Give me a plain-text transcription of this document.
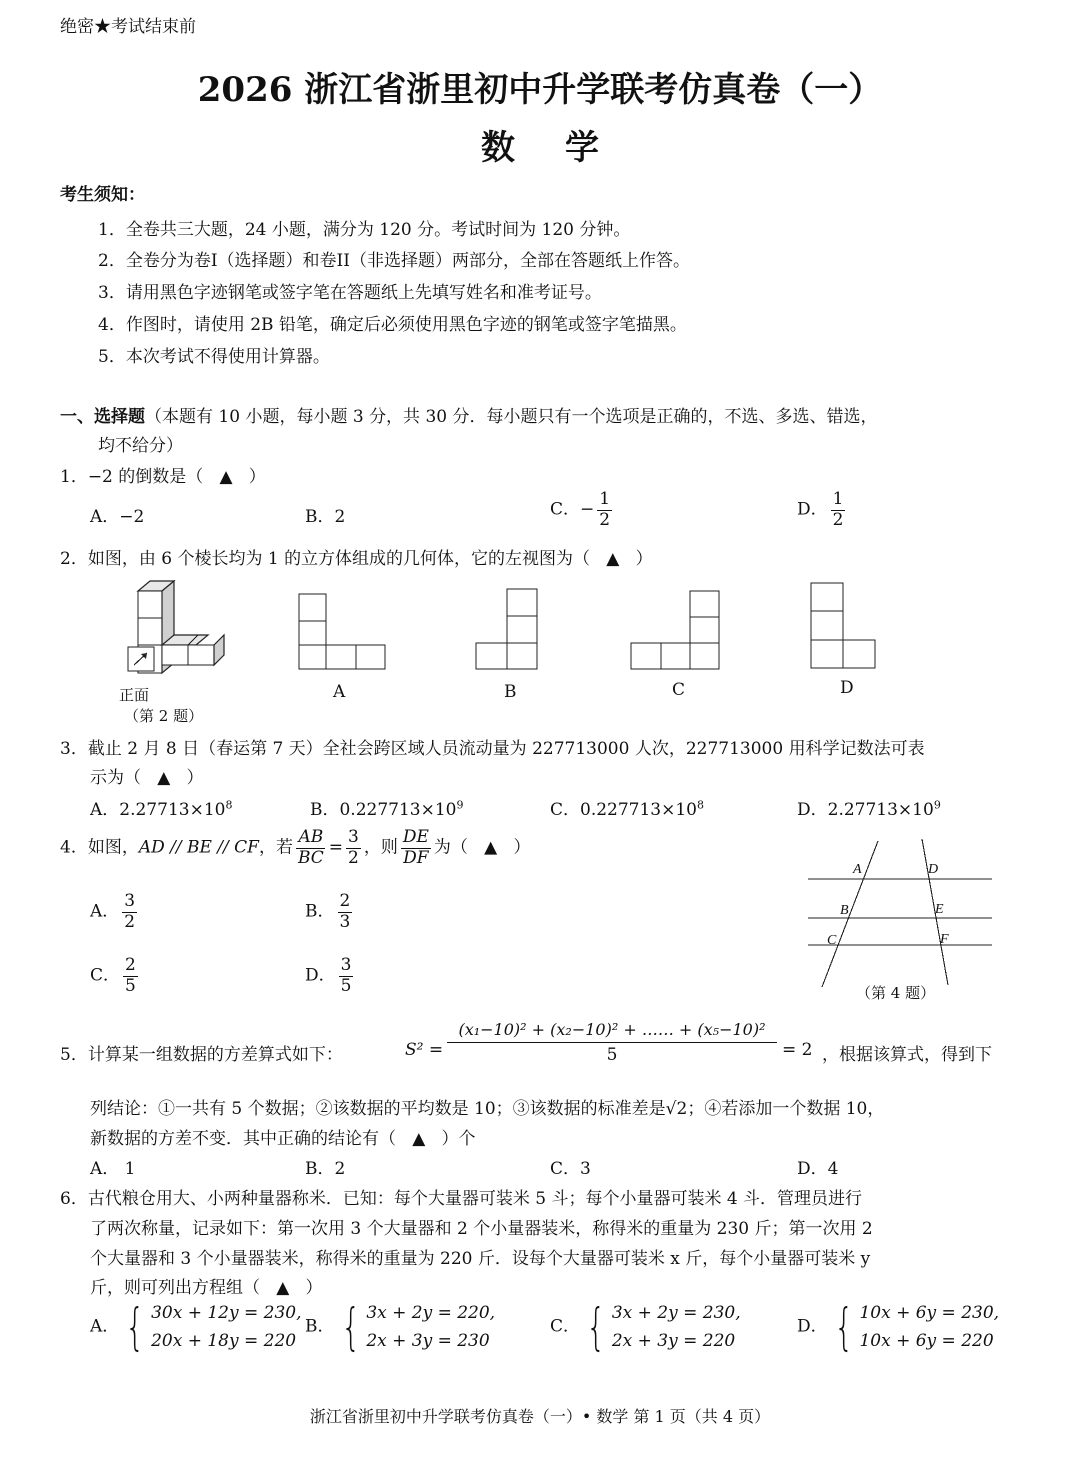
绝密★考试结束前
2026 浙江省浙里初中升学联考仿真卷（一）
数学
考生须知：
1．全卷共三大题，24 小题，满分为 120 分。考试时间为 120 分钟。
2．全卷分为卷I（选择题）和卷II（非选择题）两部分，全部在答题纸上作答。
3．请用黑色字迹钢笔或签字笔在答题纸上先填写姓名和准考证号。
4．作图时，请使用 2B 铅笔，确定后必须使用黑色字迹的钢笔或签字笔描黑。
5．本次考试不得使用计算器。
一、选择题（本题有 10 小题，每小题 3 分，共 30 分．每小题只有一个选项是正确的，不选、多选、错选，
均不给分）
1．−2 的倒数是（ ▲ ）
A．−2	B．2	C．− $\frac{1}{2}$	D． $\frac{1}{2}$
2．如图，由 6 个棱长均为 1 的立方体组成的几何体，它的左视图为（ ▲ ）
正面
（第 2 题）
A	B	C	D
3．截止 2 月 8 日（春运第 7 天）全社会跨区域人员流动量为 227713000 人次，227713000 用科学记数法可表
示为（ ▲ ）
A．$2.27713\times 10^8$	B．$0.227713\times 10^9$	C．$0.227713\times 10^8$	D．$2.27713\times 10^9$
4．如图，AD // BE // CF，若 $\frac{AB}{BC} = \frac{3}{2}$ ，则 $\frac{DE}{DF}$ 为（ ▲ ）
A． $\frac{3}{2}$	B． $\frac{2}{3}$
C． $\frac{2}{5}$	D． $\frac{3}{5}$
A
B
C
D
E
F
（第 4 题）
5．计算某一组数据的方差算式如下：	$S^2 = \frac{\text{(x₁−10)² + (x₂−10)² + …… + (x₅−10)²}}{5} = 2$ ，根据该算式，得到下
列结论：①一共有 5 个数据；②该数据的平均数是 10；③该数据的标准差是√2；④若添加一个数据 10，
新数据的方差不变．其中正确的结论有（ ▲ ）个
A． 1	B．2	C．3	D．4
6．古代粮仓用大、小两种量器称米．已知：每个大量器可装米 5 斗；每个小量器可装米 4 斗．管理员进行
了两次称量，记录如下：第一次用 3 个大量器和 2 个小量器装米，称得米的重量为 230 斤；第一次用 2
个大量器和 3 个小量器装米，称得米的重量为 220 斤．设每个大量器可装米 x 斤，每个小量器可装米 y
斤，则可列出方程组（ ▲ ）
A． { 30x + 12y = 230,
20x + 18y = 220
B． { 3x + 2y = 220,
2x + 3y = 230
C． { 3x + 2y = 230,
2x + 3y = 220
D． { 10x + 6y = 230,
10x + 6y = 220
浙江省浙里初中升学联考仿真卷（一）• 数学 第 1 页（共 4 页）
